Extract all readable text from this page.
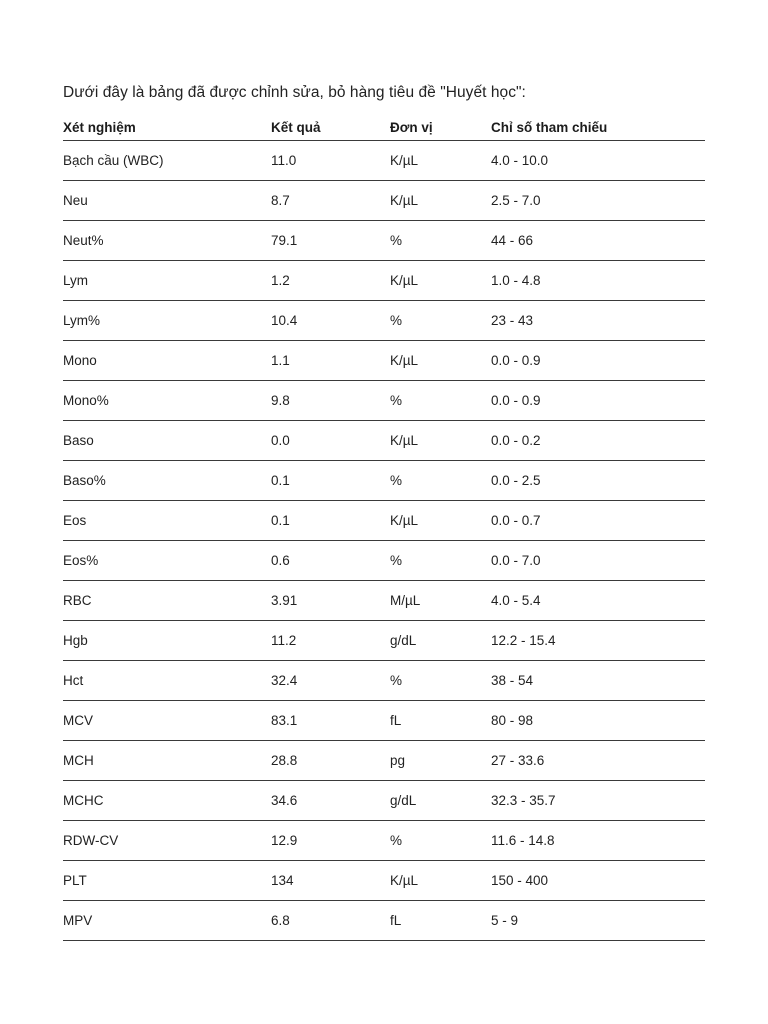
Dưới đây là bảng đã được chỉnh sửa, bỏ hàng tiêu đề "Huyết học":
Xét nghiệm	Kết quả	Đơn vị	Chỉ số tham chiếu
Bạch cầu (WBC)	11.0	K/µL	4.0 - 10.0
Neu	8.7	K/µL	2.5 - 7.0
Neut%	79.1	%	44 - 66
Lym	1.2	K/µL	1.0 - 4.8
Lym%	10.4	%	23 - 43
Mono	1.1	K/µL	0.0 - 0.9
Mono%	9.8	%	0.0 - 0.9
Baso	0.0	K/µL	0.0 - 0.2
Baso%	0.1	%	0.0 - 2.5
Eos	0.1	K/µL	0.0 - 0.7
Eos%	0.6	%	0.0 - 7.0
RBC	3.91	M/µL	4.0 - 5.4
Hgb	11.2	g/dL	12.2 - 15.4
Hct	32.4	%	38 - 54
MCV	83.1	fL	80 - 98
MCH	28.8	pg	27 - 33.6
MCHC	34.6	g/dL	32.3 - 35.7
RDW-CV	12.9	%	11.6 - 14.8
PLT	134	K/µL	150 - 400
MPV	6.8	fL	5 - 9
